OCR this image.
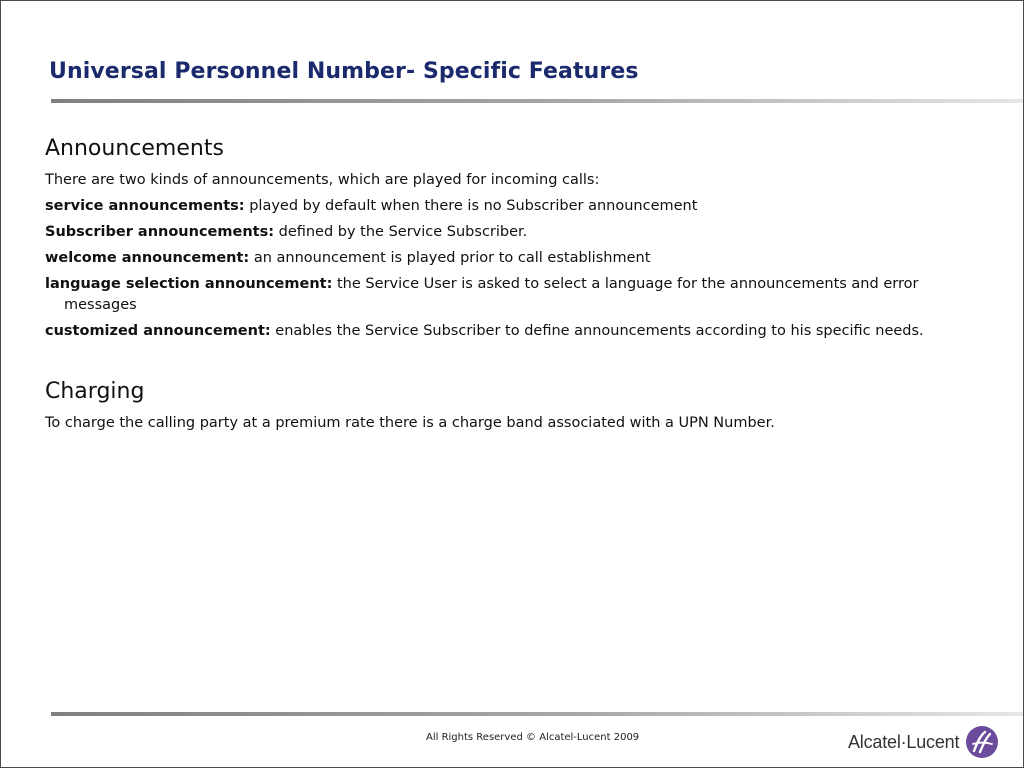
Universal Personnel Number- Specific Features
Announcements

There are two kinds of announcements, which are played for incoming calls:

service announcements: played by default when there is no Subscriber announcement

Subscriber announcements: defined by the Service Subscriber.

welcome announcement: an announcement is played prior to call establishment

language selection announcement: the Service User is asked to select a language for the announcements and error messages

customized announcement: enables the Service Subscriber to define announcements according to his specific needs.

Charging

To charge the calling party at a premium rate there is a charge band associated with a UPN Number.

All Rights Reserved © Alcatel-Lucent 2009	Alcatel·Lucent
